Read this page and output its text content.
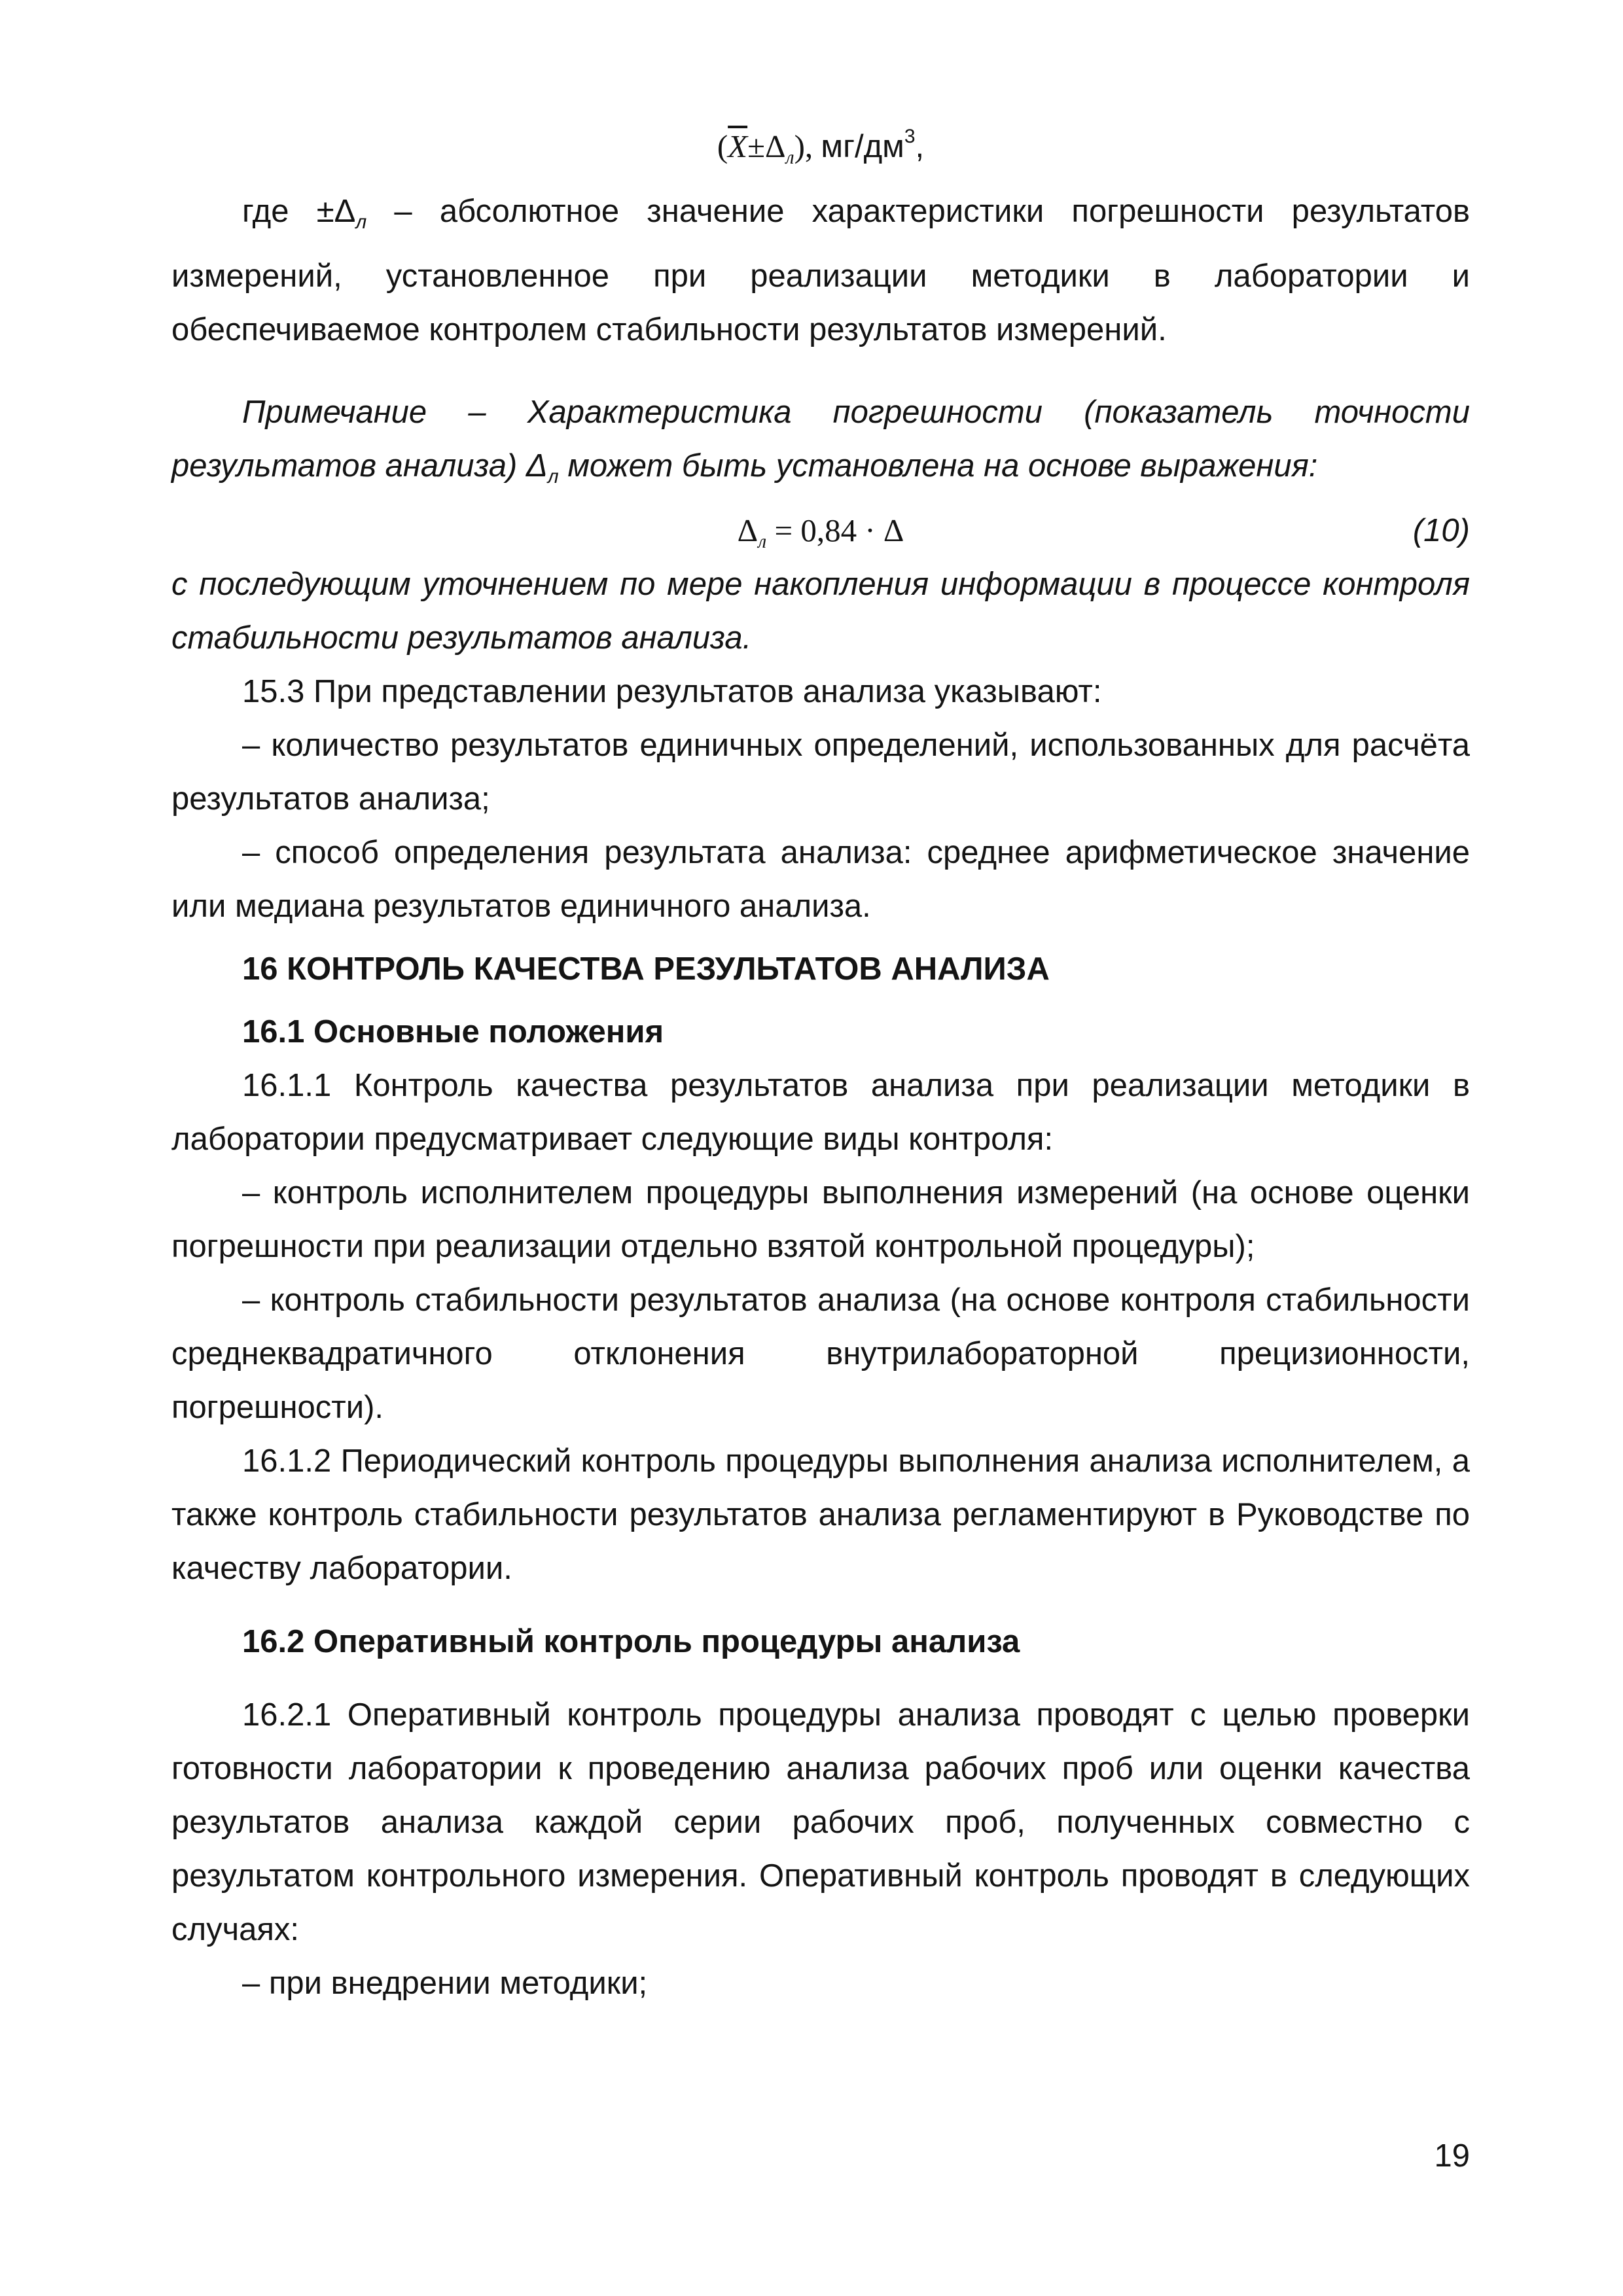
$(\overline{X}\pm\Delta_л)$, $мг/дм^3$,

где $\pm\Delta_л$ – абсолютное значение характеристики погрешности результатов измерений, установленное при реализации методики в лаборатории и обеспечиваемое контролем стабильности результатов измерений.

Примечание – Характеристика погрешности (показатель точности результатов анализа) $\Delta_л$ может быть установлена на основе выражения:

$\Delta_л = 0,84 \cdot \Delta$	(10)

с последующим уточнением по мере накопления информации в процессе контроля стабильности результатов анализа.

15.3 При представлении результатов анализа указывают:

– количество результатов единичных определений, использованных для расчёта результатов анализа;

– способ определения результата анализа: среднее арифметическое значение или медиана результатов единичного анализа.

16 КОНТРОЛЬ КАЧЕСТВА РЕЗУЛЬТАТОВ АНАЛИЗА

16.1 Основные положения

16.1.1 Контроль качества результатов анализа при реализации методики в лаборатории предусматривает следующие виды контроля:

– контроль исполнителем процедуры выполнения измерений (на основе оценки погрешности при реализации отдельно взятой контрольной процедуры);

– контроль стабильности результатов анализа (на основе контроля стабильности среднеквадратичного отклонения внутрилабораторной прецизионности, погрешности).

16.1.2 Периодический контроль процедуры выполнения анализа исполнителем, а также контроль стабильности результатов анализа регламентируют в Руководстве по качеству лаборатории.

16.2 Оперативный контроль процедуры анализа

16.2.1 Оперативный контроль процедуры анализа проводят с целью проверки готовности лаборатории к проведению анализа рабочих проб или оценки качества результатов анализа каждой серии рабочих проб, полученных совместно с результатом контрольного измерения. Оперативный контроль проводят в следующих случаях:

– при внедрении методики;

19
